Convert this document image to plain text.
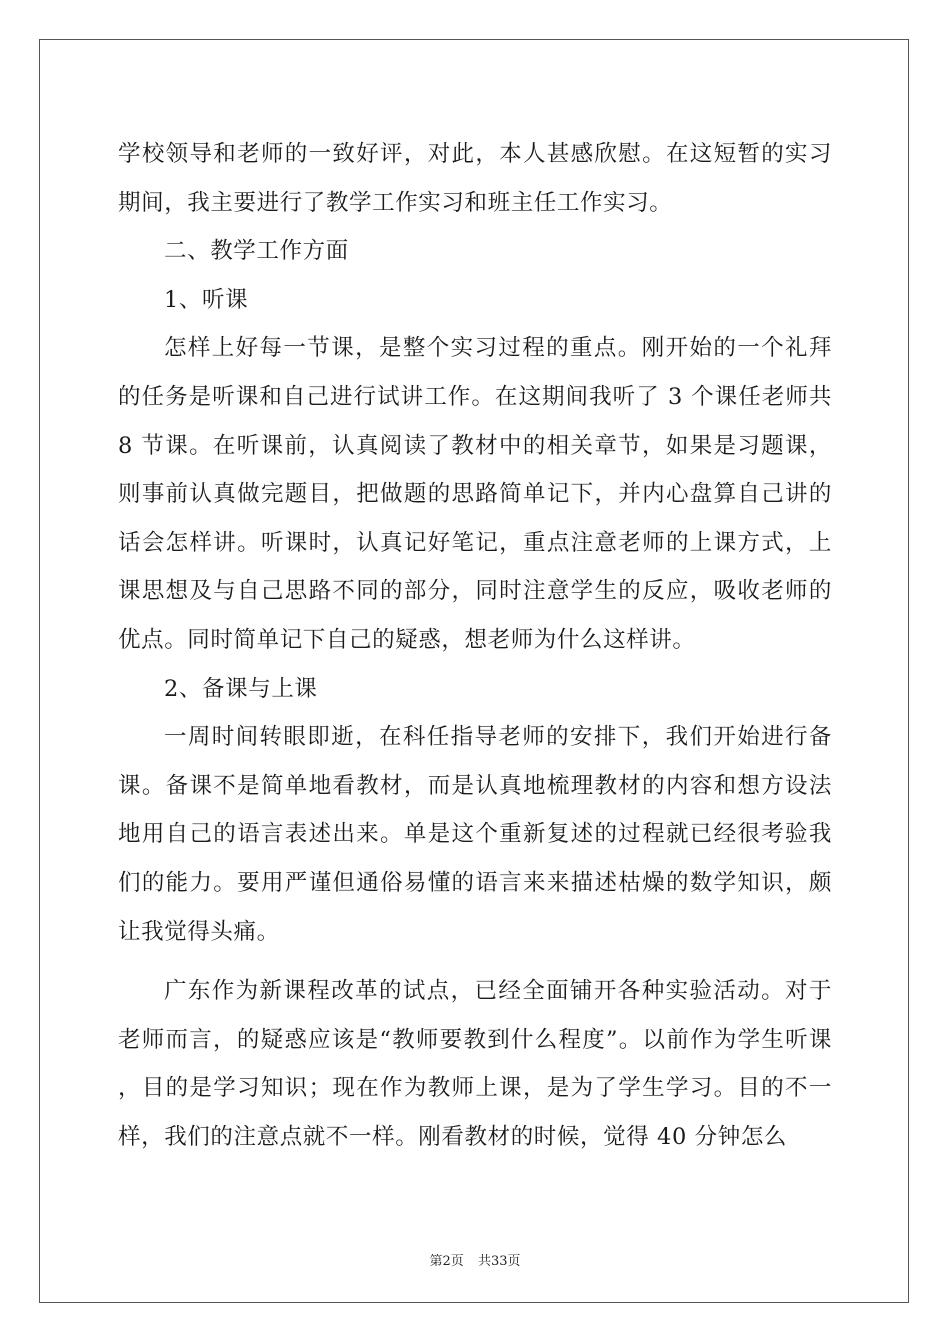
学校领导和老师的一致好评，对此，本人甚感欣慰。在这短暂的实习期间，我主要进行了教学工作实习和班主任工作实习。

二、教学工作方面

1、听课

怎样上好每一节课，是整个实习过程的重点。刚开始的一个礼拜的任务是听课和自己进行试讲工作。在这期间我听了 3 个课任老师共 8 节课。在听课前，认真阅读了教材中的相关章节，如果是习题课，则事前认真做完题目，把做题的思路简单记下，并内心盘算自己讲的话会怎样讲。听课时，认真记好笔记，重点注意老师的上课方式，上课思想及与自己思路不同的部分，同时注意学生的反应，吸收老师的优点。同时简单记下自己的疑惑，想老师为什么这样讲。

2、备课与上课

一周时间转眼即逝，在科任指导老师的安排下，我们开始进行备课。备课不是简单地看教材，而是认真地梳理教材的内容和想方设法地用自己的语言表述出来。单是这个重新复述的过程就已经很考验我们的能力。要用严谨但通俗易懂的语言来来描述枯燥的数学知识，颇让我觉得头痛。

广东作为新课程改革的试点，已经全面铺开各种实验活动。对于老师而言，的疑惑应该是“教师要教到什么程度”。以前作为学生听课，目的是学习知识；现在作为教师上课，是为了学生学习。目的不一样，我们的注意点就不一样。刚看教材的时候，觉得 40 分钟怎么

第2页 共33页
